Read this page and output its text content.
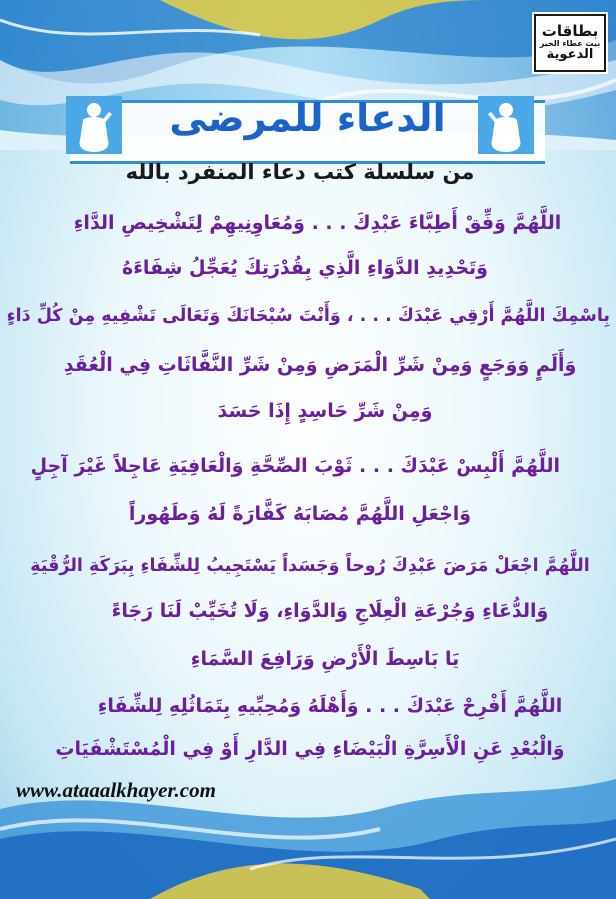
بطاقات
بيت عطاء الخير
الدعوية
الدعاء للمرضى
من سلسلة كتب دعاء المنفرد بالله
اللَّهُمَّ وَفِّقْ أَطِبَّاءَ عَبْدِكَ . . . وَمُعَاوِنِيهِمْ لِتَشْخِيصِ الدَّاءِ
وَتَحْدِيدِ الدَّوَاءِ الَّذِي بِقُدْرَتِكَ يُعَجِّلُ شِفَاءَهُ
بِاسْمِكَ اللَّهُمَّ أَرْقِي عَبْدَكَ . . . ، وَأَنْتَ سُبْحَانَكَ وَتَعَالَى تَشْفِيهِ مِنْ كُلِّ دَاءٍ
وَأَلَمٍ وَوَجَعٍ وَمِنْ شَرِّ الْمَرَضِ وَمِنْ شَرِّ النَّفَّاثَاتِ فِي الْعُقَدِ
وَمِنْ شَرِّ حَاسِدٍ إِذَا حَسَدَ
اللَّهُمَّ أَلْبِسْ عَبْدَكَ . . . ثَوْبَ الصِّحَّةِ وَالْعَافِيَةِ عَاجِلاً غَيْرَ آجِلٍ
وَاجْعَلِ اللَّهُمَّ مُصَابَهُ كَفَّارَةً لَهُ وَطَهُوراً
اللَّهُمَّ اجْعَلْ مَرَضَ عَبْدِكَ رُوحاً وَجَسَداً يَسْتَجِيبُ لِلشِّفَاءِ بِبَرَكَةِ الرُّقْيَةِ
وَالدُّعَاءِ وَجُرْعَةِ الْعِلَاجِ وَالدَّوَاءِ، وَلَا تُخَيِّبْ لَنَا رَجَاءً
يَا بَاسِطَ الْأَرْضِ وَرَافِعَ السَّمَاءِ
اللَّهُمَّ أَفْرِحْ عَبْدَكَ . . . وَأَهْلَهُ وَمُحِبِّيهِ بِتَمَاثُلِهِ لِلشِّفَاءِ
وَالْبُعْدِ عَنِ الْأَسِرَّةِ الْبَيْضَاءِ فِي الدَّارِ أَوْ فِي الْمُسْتَشْفَيَاتِ
www.ataaalkhayer.com
